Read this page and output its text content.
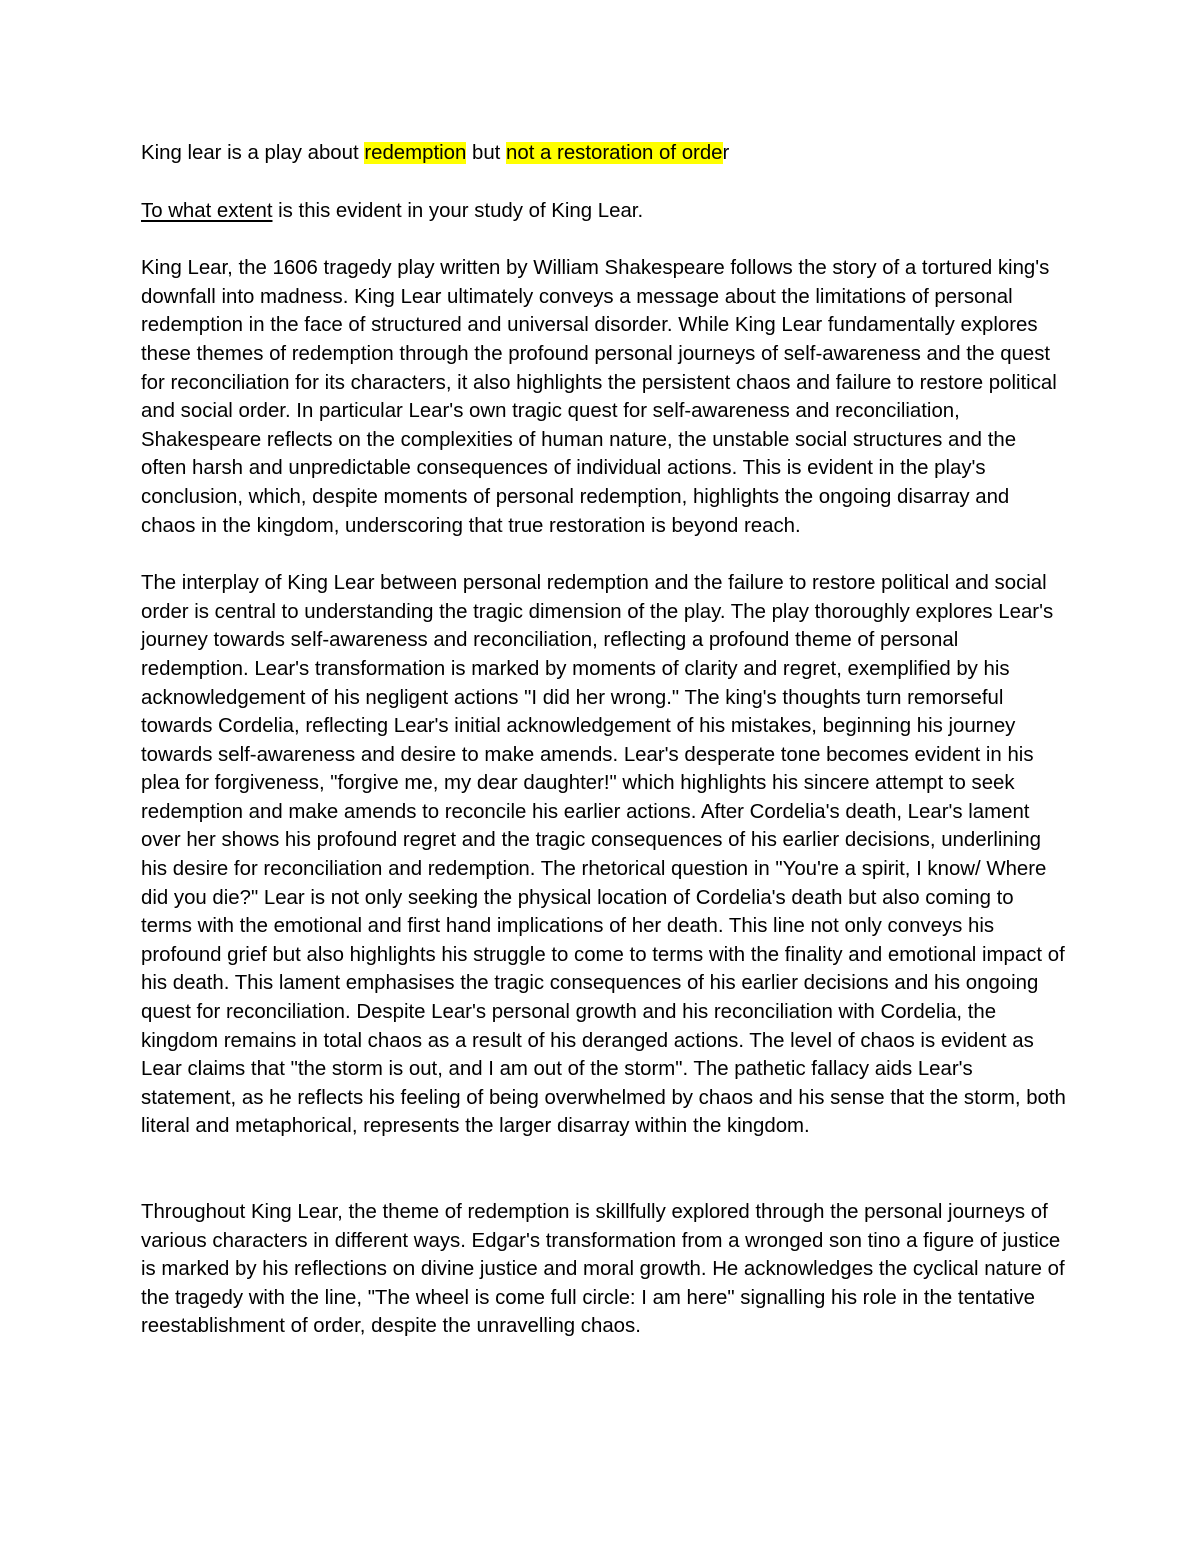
King lear is a play about redemption but not a restoration of order

To what extent is this evident in your study of King Lear.

King Lear, the 1606 tragedy play written by William Shakespeare follows the story of a tortured king's downfall into madness. King Lear ultimately conveys a message about the limitations of personal redemption in the face of structured and universal disorder. While King Lear fundamentally explores these themes of redemption through the profound personal journeys of self-awareness and the quest for reconciliation for its characters, it also highlights the persistent chaos and failure to restore political and social order. In particular Lear's own tragic quest for self-awareness and reconciliation, Shakespeare reflects on the complexities of human nature, the unstable social structures and the often harsh and unpredictable consequences of individual actions. This is evident in the play's conclusion, which, despite moments of personal redemption, highlights the ongoing disarray and chaos in the kingdom, underscoring that true restoration is beyond reach.

The interplay of King Lear between personal redemption and the failure to restore political and social order is central to understanding the tragic dimension of the play. The play thoroughly explores Lear's journey towards self-awareness and reconciliation, reflecting a profound theme of personal redemption. Lear's transformation is marked by moments of clarity and regret, exemplified by his acknowledgement of his negligent actions "I did her wrong." The king's thoughts turn remorseful towards Cordelia, reflecting Lear's initial acknowledgement of his mistakes, beginning his journey towards self-awareness and desire to make amends. Lear's desperate tone becomes evident in his plea for forgiveness, "forgive me, my dear daughter!" which highlights his sincere attempt to seek redemption and make amends to reconcile his earlier actions. After Cordelia's death, Lear's lament over her shows his profound regret and the tragic consequences of his earlier decisions, underlining his desire for reconciliation and redemption. The rhetorical question in "You're a spirit, I know/ Where did you die?" Lear is not only seeking the physical location of Cordelia's death but also coming to terms with the emotional and first hand implications of her death. This line not only conveys his profound grief but also highlights his struggle to come to terms with the finality and emotional impact of his death. This lament emphasises the tragic consequences of his earlier decisions and his ongoing quest for reconciliation. Despite Lear's personal growth and his reconciliation with Cordelia, the kingdom remains in total chaos as a result of his deranged actions. The level of chaos is evident as Lear claims that "the storm is out, and I am out of the storm". The pathetic fallacy aids Lear's statement, as he reflects his feeling of being overwhelmed by chaos and his sense that the storm, both literal and metaphorical, represents the larger disarray within the kingdom.

Throughout King Lear, the theme of redemption is skillfully explored through the personal journeys of various characters in different ways. Edgar's transformation from a wronged son tino a figure of justice is marked by his reflections on divine justice and moral growth. He acknowledges the cyclical nature of the tragedy with the line, "The wheel is come full circle: I am here" signalling his role in the tentative reestablishment of order, despite the unravelling chaos.
